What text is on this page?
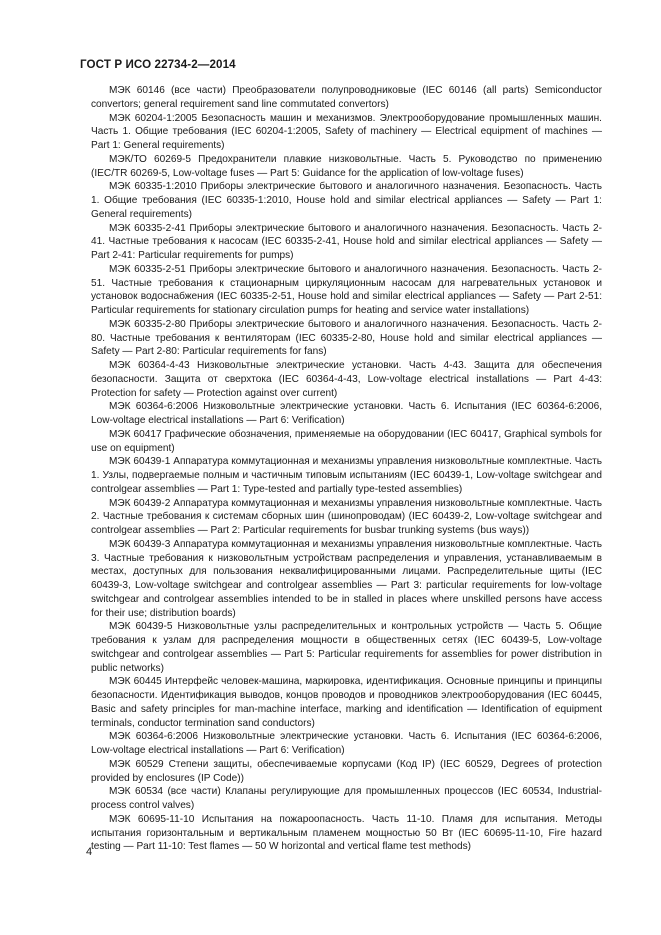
ГОСТ Р ИСО 22734-2—2014

МЭК 60146 (все части) Преобразователи полупроводниковые (IEC 60146 (all parts) Semiconductor convertors; general requirement sand line commutated convertors)

МЭК 60204-1:2005 Безопасность машин и механизмов. Электрооборудование промышленных машин. Часть 1. Общие требования (IEC 60204-1:2005, Safety of machinery — Electrical equipment of machines — Part 1: General requirements)

МЭК/ТО 60269-5 Предохранители плавкие низковольтные. Часть 5. Руководство по применению (IEC/TR 60269-5, Low-voltage fuses — Part 5: Guidance for the application of low-voltage fuses)

МЭК 60335-1:2010 Приборы электрические бытового и аналогичного назначения. Безопасность. Часть 1. Общие требования (IEC 60335-1:2010, House hold and similar electrical appliances — Safety — Part 1: General requirements)

МЭК 60335-2-41 Приборы электрические бытового и аналогичного назначения. Безопасность. Часть 2-41. Частные требования к насосам (IEC 60335-2-41, House hold and similar electrical appliances — Safety — Part 2-41: Particular requirements for pumps)

МЭК 60335-2-51 Приборы электрические бытового и аналогичного назначения. Безопасность. Часть 2-51. Частные требования к стационарным циркуляционным насосам для нагревательных установок и установок водоснабжения (IEC 60335-2-51, House hold and similar electrical appliances — Safety — Part 2-51: Particular requirements for stationary circulation pumps for heating and service water installations)

МЭК 60335-2-80 Приборы электрические бытового и аналогичного назначения. Безопасность. Часть 2-80. Частные требования к вентиляторам (IEC 60335-2-80, House hold and similar electrical appliances — Safety — Part 2-80: Particular requirements for fans)

МЭК 60364-4-43 Низковольтные электрические установки. Часть 4-43. Защита для обеспечения безопасности. Защита от сверхтока (IEC 60364-4-43, Low-voltage electrical installations — Part 4-43: Protection for safety — Protection against over current)

МЭК 60364-6:2006 Низковольтные электрические установки. Часть 6. Испытания (IEC 60364-6:2006, Low-voltage electrical installations — Part 6: Verification)

МЭК 60417 Графические обозначения, применяемые на оборудовании (IEC 60417, Graphical symbols for use on equipment)

МЭК 60439-1 Аппаратура коммутационная и механизмы управления низковольтные комплектные. Часть 1. Узлы, подвергаемые полным и частичным типовым испытаниям (IEC 60439-1, Low-voltage switchgear and controlgear assemblies — Part 1: Type-tested and partially type-tested assemblies)

МЭК 60439-2 Аппаратура коммутационная и механизмы управления низковольтные комплектные. Часть 2. Частные требования к системам сборных шин (шинопроводам) (IEC 60439-2, Low-voltage switchgear and controlgear assemblies — Part 2: Particular requirements for busbar trunking systems (bus ways))

МЭК 60439-3 Аппаратура коммутационная и механизмы управления низковольтные комплектные. Часть 3. Частные требования к низковольтным устройствам распределения и управления, устанавливаемым в местах, доступных для пользования неквалифицированными лицами. Распределительные щиты (IEC 60439-3, Low-voltage switchgear and controlgear assemblies — Part 3: particular requirements for low-voltage switchgear and controlgear assemblies intended to be in stalled in places where unskilled persons have access for their use; distribution boards)

МЭК 60439-5 Низковольтные узлы распределительных и контрольных устройств — Часть 5. Общие требования к узлам для распределения мощности в общественных сетях (IEC 60439-5, Low-voltage switchgear and controlgear assemblies — Part 5: Particular requirements for assemblies for power distribution in public networks)

МЭК 60445 Интерфейс человек-машина, маркировка, идентификация. Основные принципы и принципы безопасности. Идентификация выводов, концов проводов и проводников электрооборудования (IEC 60445, Basic and safety principles for man-machine interface, marking and identification — Identification of equipment terminals, conductor termination sand conductors)

МЭК 60364-6:2006 Низковольтные электрические установки. Часть 6. Испытания (IEC 60364-6:2006, Low-voltage electrical installations — Part 6: Verification)

МЭК 60529 Степени защиты, обеспечиваемые корпусами (Код IP) (IEC 60529, Degrees of protection provided by enclosures (IP Code))

МЭК 60534 (все части) Клапаны регулирующие для промышленных процессов (IEC 60534, Industrial-process control valves)

МЭК 60695-11-10 Испытания на пожароопасность. Часть 11-10. Пламя для испытания. Методы испытания горизонтальным и вертикальным пламенем мощностью 50 Вт (IEC 60695-11-10, Fire hazard testing — Part 11-10: Test flames — 50 W horizontal and vertical flame test methods)

4
